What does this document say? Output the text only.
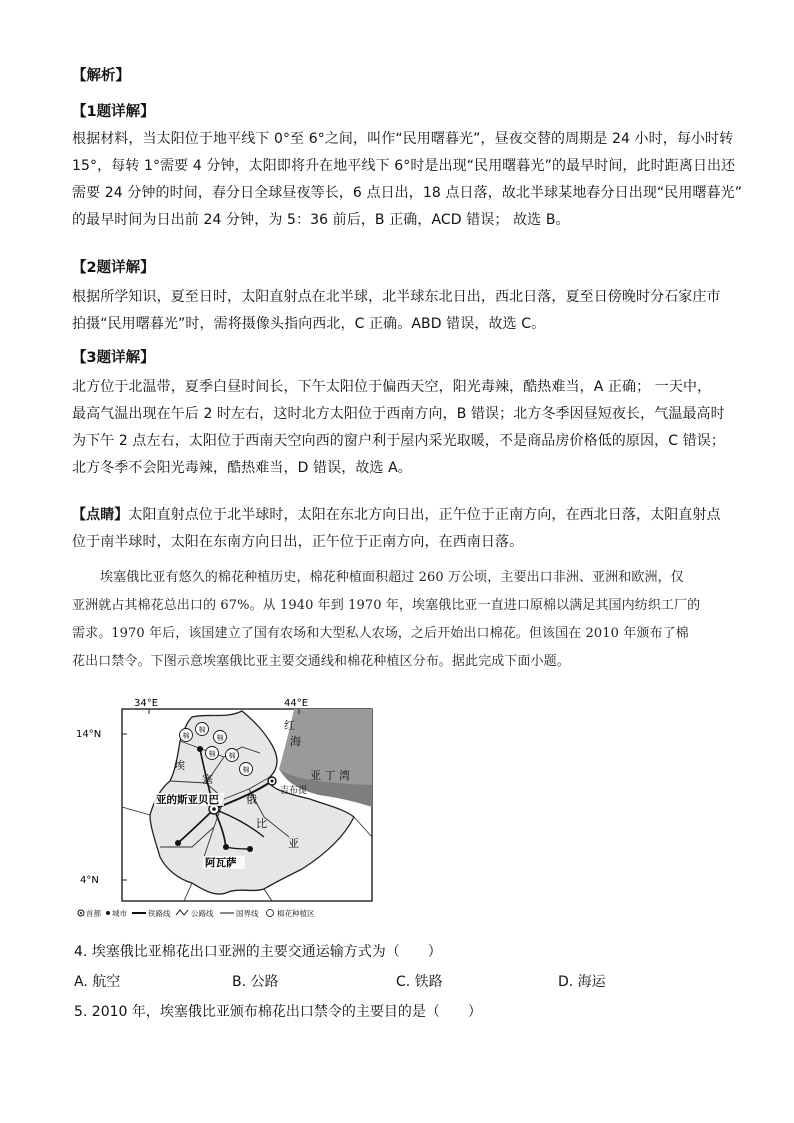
【解析】
【1题详解】
根据材料，当太阳位于地平线下 0°至 6°之间，叫作“民用曙暮光”，昼夜交替的周期是 24 小时，每小时转
15°，每转 1°需要 4 分钟，太阳即将升在地平线下 6°时是出现“民用曙暮光”的最早时间，此时距离日出还
需要 24 分钟的时间，春分日全球昼夜等长，6 点日出，18 点日落，故北半球某地春分日出现“民用曙暮光”
的最早时间为日出前 24 分钟，为 5：36 前后，B 正确，ACD 错误； 故选 B。
【2题详解】
根据所学知识，夏至日时，太阳直射点在北半球，北半球东北日出，西北日落，夏至日傍晚时分石家庄市
拍摄“民用曙暮光”时，需将摄像头指向西北，C 正确。ABD 错误，故选 C。
【3题详解】
北方位于北温带，夏季白昼时间长，下午太阳位于偏西天空，阳光毒辣，酷热难当，A 正确； 一天中，
最高气温出现在午后 2 时左右，这时北方太阳位于西南方向，B 错误；北方冬季因昼短夜长，气温最高时
为下午 2 点左右，太阳位于西南天空向西的窗户利于屋内采光取暖，不是商品房价格低的原因，C 错误；
北方冬季不会阳光毒辣，酷热难当，D 错误，故选 A。
【点睛】太阳直射点位于北半球时，太阳在东北方向日出，正午位于正南方向，在西北日落，太阳直射点
位于南半球时，太阳在东南方向日出，正午位于正南方向，在西南日落。
埃塞俄比亚有悠久的棉花种植历史，棉花种植面积超过 260 万公顷，主要出口非洲、亚洲和欧洲，仅
亚洲就占其棉花总出口的 67%。从 1940 年到 1970 年，埃塞俄比亚一直进口原棉以满足其国内纺织工厂的
需求。1970 年后，该国建立了国有农场和大型私人农场，之后开始出口棉花。但该国在 2010 年颁布了棉
花出口禁令。下图示意埃塞俄比亚主要交通线和棉花种植区分布。据此完成下面小题。
棉
棉
棉
棉 棉
棉
34°E	44°E
14°N
4°N
红
海
亚 丁 湾
吉布提
埃
塞
俄
比
亚
亚的斯亚贝巴
阿瓦萨
首都 城市	铁路线	公路线	国界线 棉花种植区
4. 埃塞俄比亚棉花出口亚洲的主要交通运输方式为（　　）
A. 航空	B. 公路	C. 铁路	D. 海运
5. 2010 年，埃塞俄比亚颁布棉花出口禁令的主要目的是（　　）
